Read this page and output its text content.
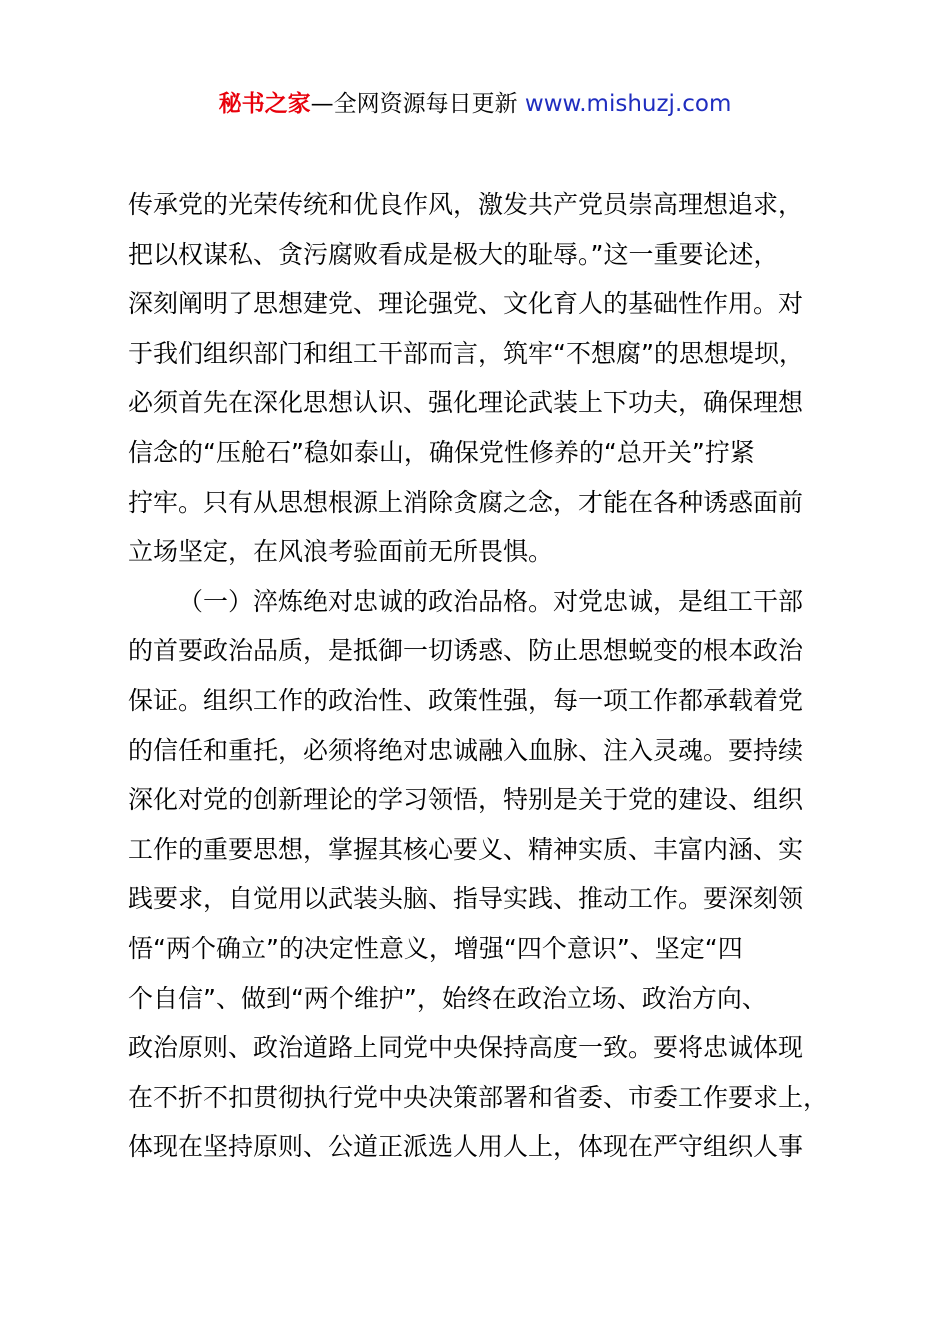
秘书之家—全网资源每日更新 www.mishuzj.com
传承党的光荣传统和优良作风，激发共产党员崇高理想追求，
把以权谋私、贪污腐败看成是极大的耻辱。”这一重要论述，
深刻阐明了思想建党、理论强党、文化育人的基础性作用。对
于我们组织部门和组工干部而言，筑牢“不想腐”的思想堤坝，
必须首先在深化思想认识、强化理论武装上下功夫，确保理想
信念的“压舱石”稳如泰山，确保党性修养的“总开关”拧紧
拧牢。只有从思想根源上消除贪腐之念，才能在各种诱惑面前
立场坚定，在风浪考验面前无所畏惧。
（一）淬炼绝对忠诚的政治品格。对党忠诚，是组工干部
的首要政治品质，是抵御一切诱惑、防止思想蜕变的根本政治
保证。组织工作的政治性、政策性强，每一项工作都承载着党
的信任和重托，必须将绝对忠诚融入血脉、注入灵魂。要持续
深化对党的创新理论的学习领悟，特别是关于党的建设、组织
工作的重要思想，掌握其核心要义、精神实质、丰富内涵、实
践要求，自觉用以武装头脑、指导实践、推动工作。要深刻领
悟“两个确立”的决定性意义，增强“四个意识”、坚定“四
个自信”、做到“两个维护”，始终在政治立场、政治方向、
政治原则、政治道路上同党中央保持高度一致。要将忠诚体现
在不折不扣贯彻执行党中央决策部署和省委、市委工作要求上，
体现在坚持原则、公道正派选人用人上，体现在严守组织人事
